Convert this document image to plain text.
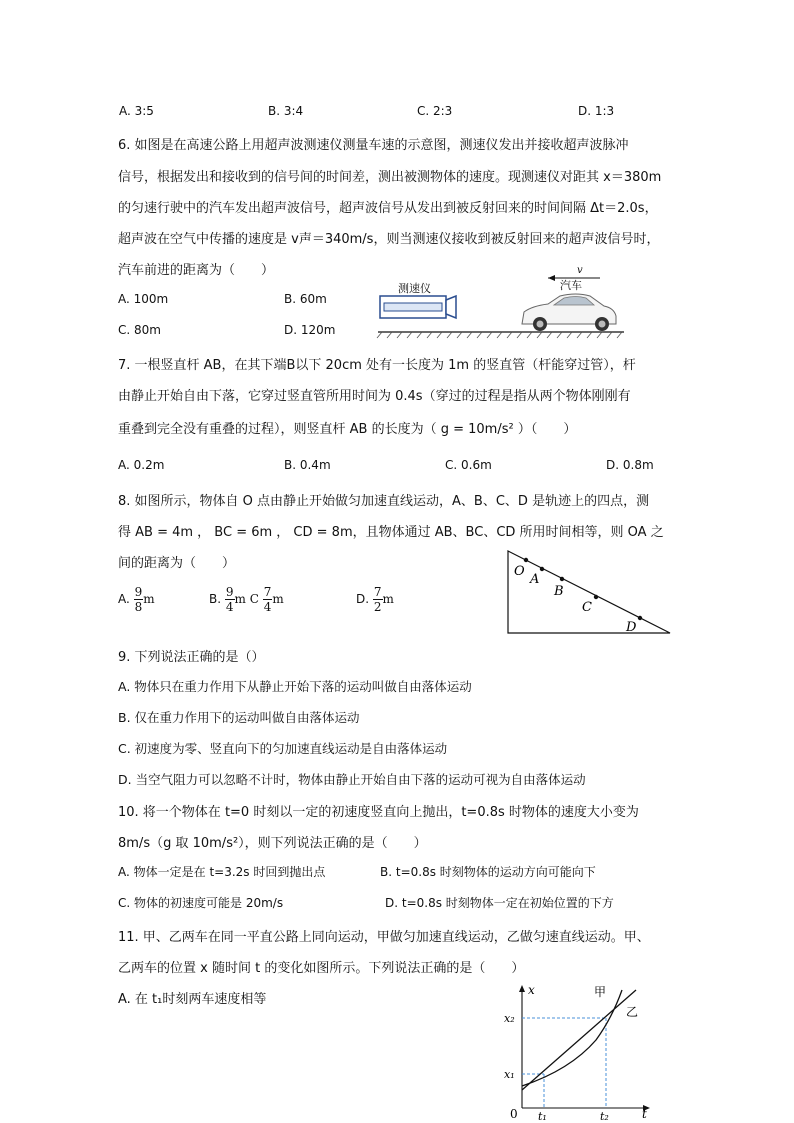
A. 3:5	B. 3:4	C. 2:3	D. 1:3
6. 如图是在高速公路上用超声波测速仪测量车速的示意图，测速仪发出并接收超声波脉冲
信号，根据发出和接收到的信号间的时间差，测出被测物体的速度。现测速仪对距其 x＝380m
的匀速行驶中的汽车发出超声波信号，超声波信号从发出到被反射回来的时间间隔 Δt＝2.0s，
超声波在空气中传播的速度是 v声＝340m/s，则当测速仪接收到被反射回来的超声波信号时，
汽车前进的距离为（　　）
A. 100m	B. 60m
C. 80m	D. 120m
测速仪	汽车
v
7. 一根竖直杆 AB，在其下端B以下 20cm 处有一长度为 1m 的竖直管（杆能穿过管），杆
由静止开始自由下落，它穿过竖直管所用时间为 0.4s（穿过的过程是指从两个物体刚刚有
重叠到完全没有重叠的过程），则竖直杆 AB 的长度为（ g = 10m/s² ）（　　）
A. 0.2m	B. 0.4m	C. 0.6m	D. 0.8m
8. 如图所示，物体自 O 点由静止开始做匀加速直线运动，A、B、C、D 是轨迹上的四点，测
得 AB = 4m ， BC = 6m ， CD = 8m，且物体通过 AB、BC、CD 所用时间相等，则 OA 之
间的距离为（　　）
A. $\frac{9}{8}$ m	B. $\frac{9}{4}$ m C $\frac{7}{4}$ m	D. $\frac{7}{2}$ m
O
A
B
C
D
9. 下列说法正确的是（）
A. 物体只在重力作用下从静止开始下落的运动叫做自由落体运动
B. 仅在重力作用下的运动叫做自由落体运动
C. 初速度为零、竖直向下的匀加速直线运动是自由落体运动
D. 当空气阻力可以忽略不计时，物体由静止开始自由下落的运动可视为自由落体运动
10. 将一个物体在 t=0 时刻以一定的初速度竖直向上抛出，t=0.8s 时物体的速度大小变为
8m/s（g 取 10m/s²），则下列说法正确的是（　　）
A. 物体一定是在 t=3.2s 时回到抛出点	B. t=0.8s 时刻物体的运动方向可能向下
C. 物体的初速度可能是 20m/s	D. t=0.8s 时刻物体一定在初始位置的下方
11. 甲、乙两车在同一平直公路上同向运动，甲做匀加速直线运动，乙做匀速直线运动。甲、
乙两车的位置 x 随时间 t 的变化如图所示。下列说法正确的是（　　）
A. 在 t₁时刻两车速度相等
x
t
0
x₂
x₁
t₁	t₂
甲
乙
